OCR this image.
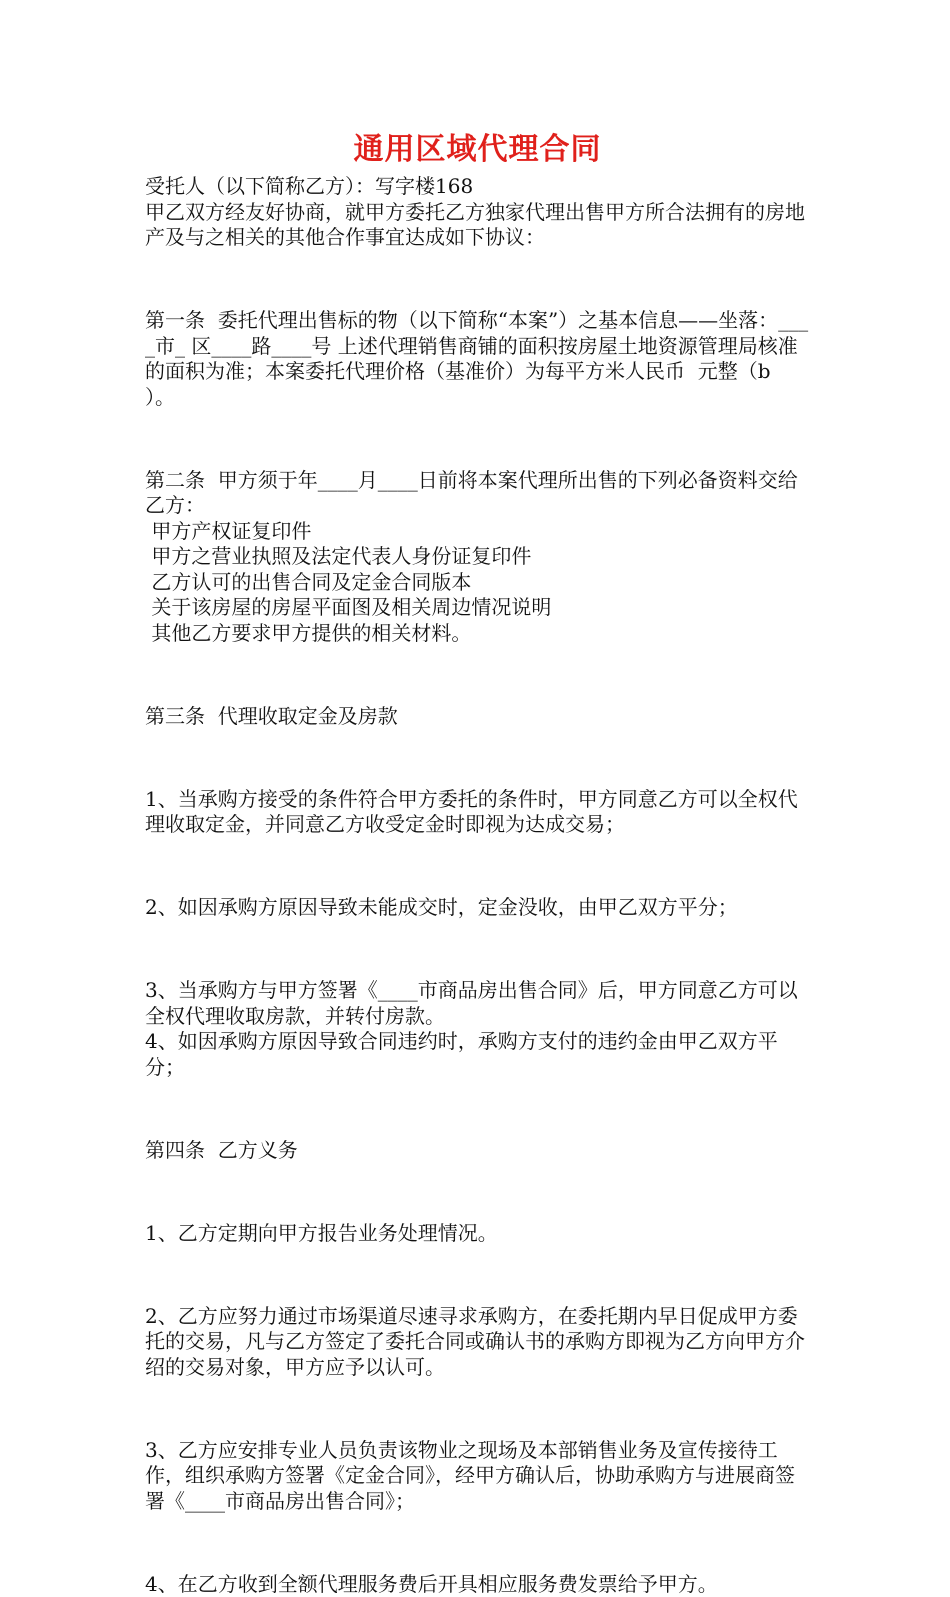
通用区域代理合同

受托人（以下简称乙方）：写字楼168

甲乙双方经友好协商，就甲方委托乙方独家代理出售甲方所合法拥有的房地产及与之相关的其他合作事宜达成如下协议：

第一条  委托代理出售标的物（以下简称“本案”）之基本信息——坐落：____市_ 区____路____号 上述代理销售商铺的面积按房屋土地资源管理局核准的面积为准；本案委托代理价格（基准价）为每平方米人民币  元整（b  ）。

第二条  甲方须于年____月____日前将本案代理所出售的下列必备资料交给乙方：

甲方产权证复印件

甲方之营业执照及法定代表人身份证复印件

乙方认可的出售合同及定金合同版本

关于该房屋的房屋平面图及相关周边情况说明

其他乙方要求甲方提供的相关材料。

第三条  代理收取定金及房款

1、当承购方接受的条件符合甲方委托的条件时，甲方同意乙方可以全权代理收取定金，并同意乙方收受定金时即视为达成交易；

2、如因承购方原因导致未能成交时，定金没收，由甲乙双方平分；

3、当承购方与甲方签署《____市商品房出售合同》后，甲方同意乙方可以全权代理收取房款，并转付房款。

4、如因承购方原因导致合同违约时，承购方支付的违约金由甲乙双方平分；

第四条  乙方义务

1、乙方定期向甲方报告业务处理情况。

2、乙方应努力通过市场渠道尽速寻求承购方，在委托期内早日促成甲方委托的交易，凡与乙方签定了委托合同或确认书的承购方即视为乙方向甲方介绍的交易对象，甲方应予以认可。

3、乙方应安排专业人员负责该物业之现场及本部销售业务及宣传接待工作，组织承购方签署《定金合同》，经甲方确认后，协助承购方与进展商签署《____市商品房出售合同》；

4、在乙方收到全额代理服务费后开具相应服务费发票给予甲方。
